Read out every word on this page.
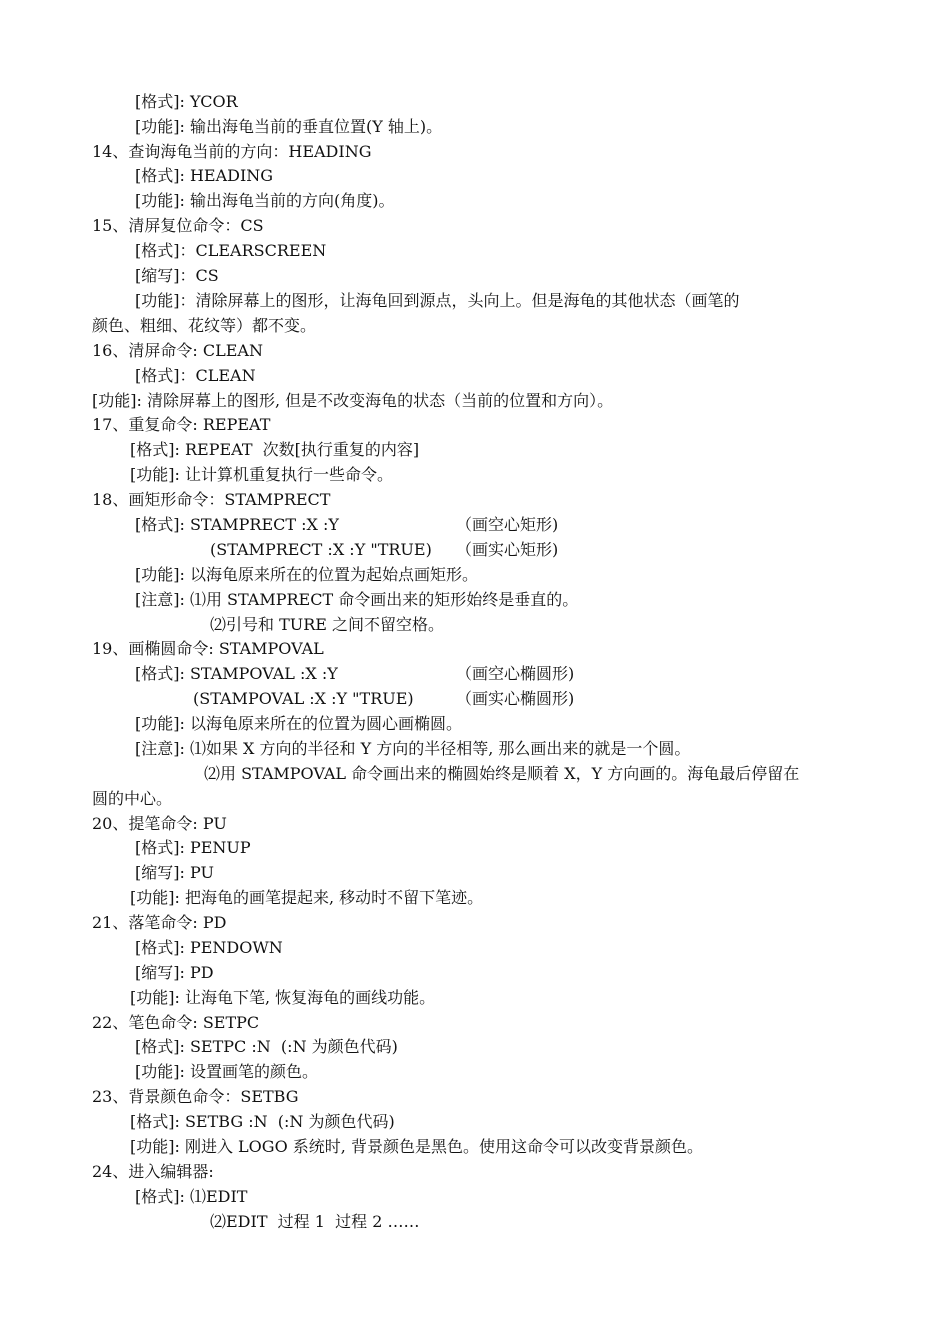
[格式]: YCOR
[功能]: 输出海龟当前的垂直位置(Y 轴上)。
14、查询海龟当前的方向：HEADING
[格式]: HEADING
[功能]: 输出海龟当前的方向(角度)。
15、清屏复位命令：CS
[格式]：CLEARSCREEN
[缩写]：CS
[功能]：清除屏幕上的图形，让海龟回到源点，头向上。但是海龟的其他状态（画笔的
颜色、粗细、花纹等）都不变。
16、清屏命令: CLEAN
[格式]：CLEAN
[功能]: 清除屏幕上的图形, 但是不改变海龟的状态（当前的位置和方向）。
17、重复命令: REPEAT
[格式]: REPEAT  次数[执行重复的内容]
[功能]: 让计算机重复执行一些命令。
18、画矩形命令：STAMPRECT
[格式]: STAMPRECT :X :Y	（画空心矩形)
(STAMPRECT :X :Y "TRUE) （画实心矩形)
[功能]: 以海龟原来所在的位置为起始点画矩形。
[注意]: ⑴用 STAMPRECT 命令画出来的矩形始终是垂直的。
⑵引号和 TURE 之间不留空格。
19、画椭圆命令: STAMPOVAL
[格式]: STAMPOVAL :X :Y	（画空心椭圆形)
(STAMPOVAL :X :Y "TRUE)	（画实心椭圆形)
[功能]: 以海龟原来所在的位置为圆心画椭圆。
[注意]: ⑴如果 X 方向的半径和 Y 方向的半径相等, 那么画出来的就是一个圆。
⑵用 STAMPOVAL 命令画出来的椭圆始终是顺着 X，Y 方向画的。海龟最后停留在
圆的中心。
20、提笔命令: PU
[格式]: PENUP
[缩写]: PU
[功能]: 把海龟的画笔提起来, 移动时不留下笔迹。
21、落笔命令: PD
[格式]: PENDOWN
[缩写]: PD
[功能]: 让海龟下笔, 恢复海龟的画线功能。
22、笔色命令: SETPC
[格式]: SETPC :N  (:N 为颜色代码)
[功能]: 设置画笔的颜色。
23、背景颜色命令：SETBG
[格式]: SETBG :N  (:N 为颜色代码)
[功能]: 刚进入 LOGO 系统时, 背景颜色是黑色。使用这命令可以改变背景颜色。
24、进入编辑器:
[格式]: ⑴EDIT
⑵EDIT  过程 1  过程 2 ……
